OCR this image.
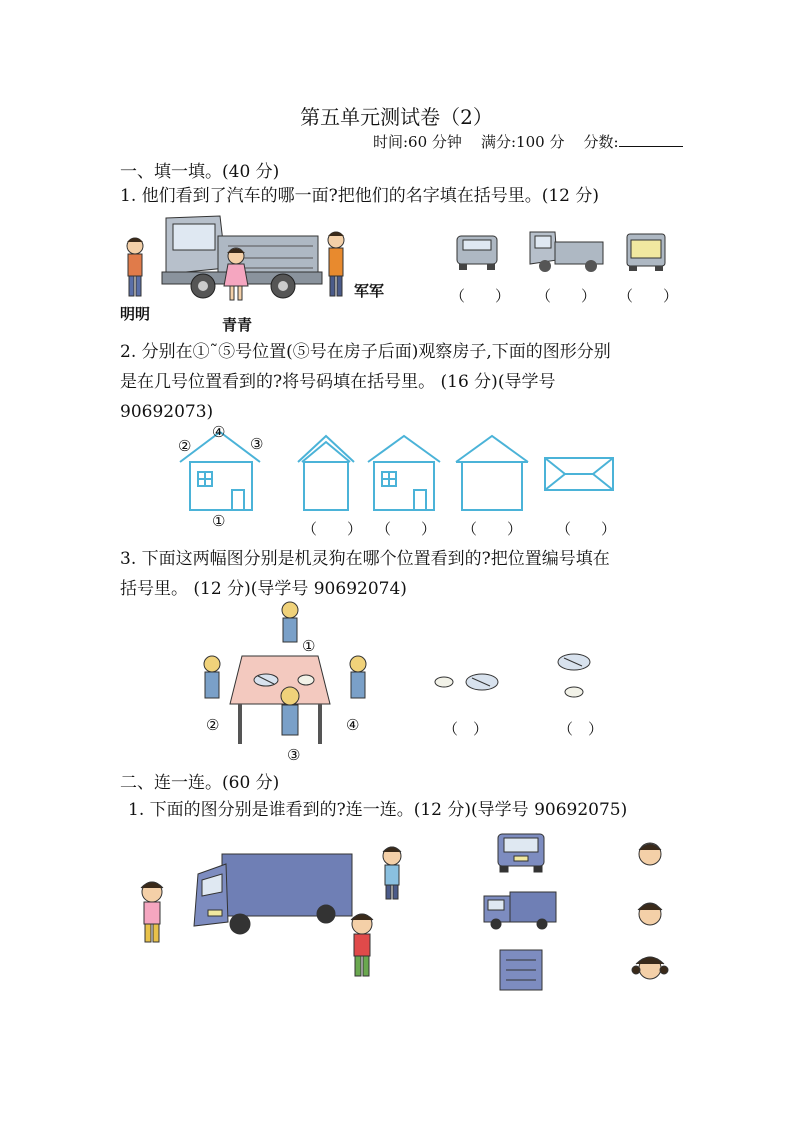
第五单元测试卷（2）
时间:60 分钟 满分:100 分 分数:
一、填一填。(40 分)
1. 他们看到了汽车的哪一面?把他们的名字填在括号里。(12 分)
明明
青青
军军	（　　） （　　） （　　）
2. 分别在①˜⑤号位置(⑤号在房子后面)观察房子,下面的图形分别
是在几号位置看到的?将号码填在括号里。 (16 分)(导学号
90692073)
④
②	③
①	（　　） （　　） （　　） （　　）
3. 下面这两幅图分别是机灵狗在哪个位置看到的?把位置编号填在
括号里。 (12 分)(导学号 90692074)
①
②
③
④	（　）	（　）
二、连一连。(60 分)
1. 下面的图分别是谁看到的?连一连。(12 分)(导学号 90692075)
